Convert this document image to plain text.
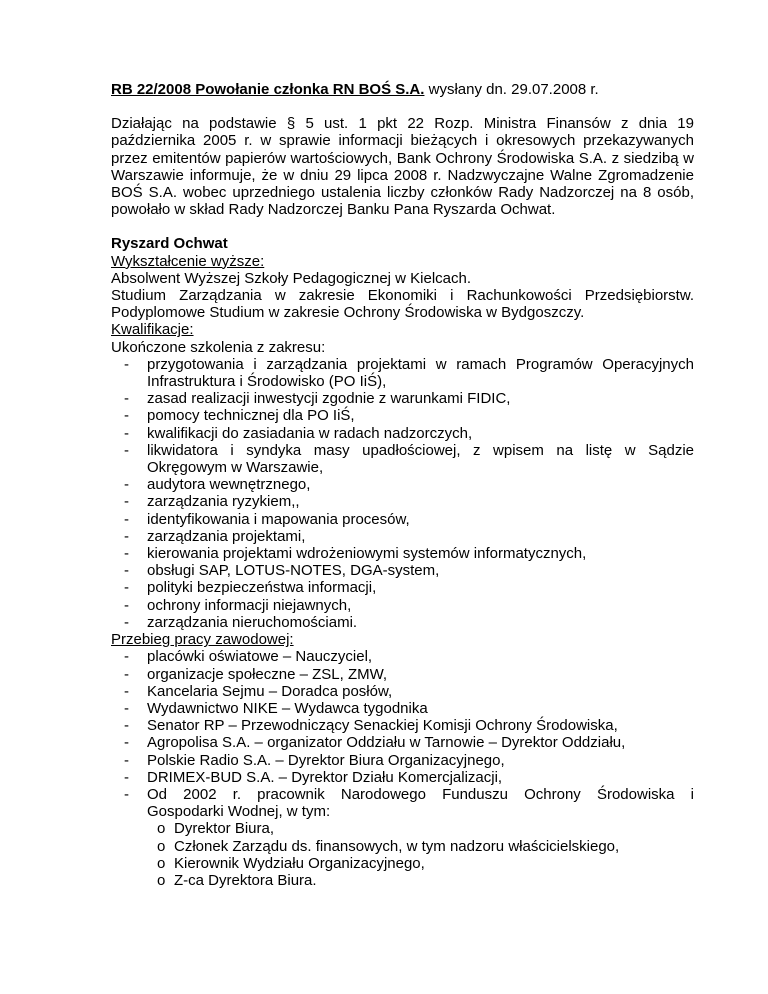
RB 22/2008 Powołanie członka RN BOŚ S.A. wysłany dn. 29.07.2008 r.

Działając na podstawie § 5 ust. 1 pkt 22 Rozp. Ministra Finansów z dnia 19 października 2005 r. w sprawie informacji bieżących i okresowych przekazywanych przez emitentów papierów wartościowych, Bank Ochrony Środowiska S.A. z siedzibą w Warszawie informuje, że w dniu 29 lipca 2008 r. Nadzwyczajne Walne Zgromadzenie BOŚ S.A. wobec uprzedniego ustalenia liczby członków Rady Nadzorczej na 8 osób, powołało w skład Rady Nadzorczej Banku Pana Ryszarda Ochwat.

Ryszard Ochwat

Wykształcenie wyższe:

Absolwent Wyższej Szkoły Pedagogicznej w Kielcach.

Studium Zarządzania w zakresie Ekonomiki i Rachunkowości Przedsiębiorstw.

Podyplomowe Studium w zakresie Ochrony Środowiska w Bydgoszczy.

Kwalifikacje:

Ukończone szkolenia z zakresu:

- przygotowania i zarządzania projektami w ramach Programów Operacyjnych Infrastruktura i Środowisko (PO IiŚ),
- zasad realizacji inwestycji zgodnie z warunkami FIDIC,
- pomocy technicznej dla PO IiŚ,
- kwalifikacji do zasiadania w radach nadzorczych,
- likwidatora i syndyka masy upadłościowej, z wpisem na listę w Sądzie Okręgowym w Warszawie,
- audytora wewnętrznego,
- zarządzania ryzykiem,,
- identyfikowania i mapowania procesów,
- zarządzania projektami,
- kierowania projektami wdrożeniowymi systemów informatycznych,
- obsługi SAP, LOTUS-NOTES, DGA-system,
- polityki bezpieczeństwa informacji,
- ochrony informacji niejawnych,
- zarządzania nieruchomościami.

Przebieg pracy zawodowej:

- placówki oświatowe – Nauczyciel,
- organizacje społeczne – ZSL, ZMW,
- Kancelaria Sejmu – Doradca posłów,
- Wydawnictwo NIKE – Wydawca tygodnika
- Senator RP – Przewodniczący Senackiej Komisji Ochrony Środowiska,
- Agropolisa S.A. – organizator Oddziału w Tarnowie – Dyrektor Oddziału,
- Polskie Radio S.A. – Dyrektor Biura Organizacyjnego,
- DRIMEX-BUD S.A. – Dyrektor Działu Komercjalizacji,
- Od 2002 r. pracownik Narodowego Funduszu Ochrony Środowiska i
Gospodarki Wodnej, w tym:
o Dyrektor Biura,
o Członek Zarządu ds. finansowych, w tym nadzoru właścicielskiego,
o Kierownik Wydziału Organizacyjnego,
o Z-ca Dyrektora Biura.
